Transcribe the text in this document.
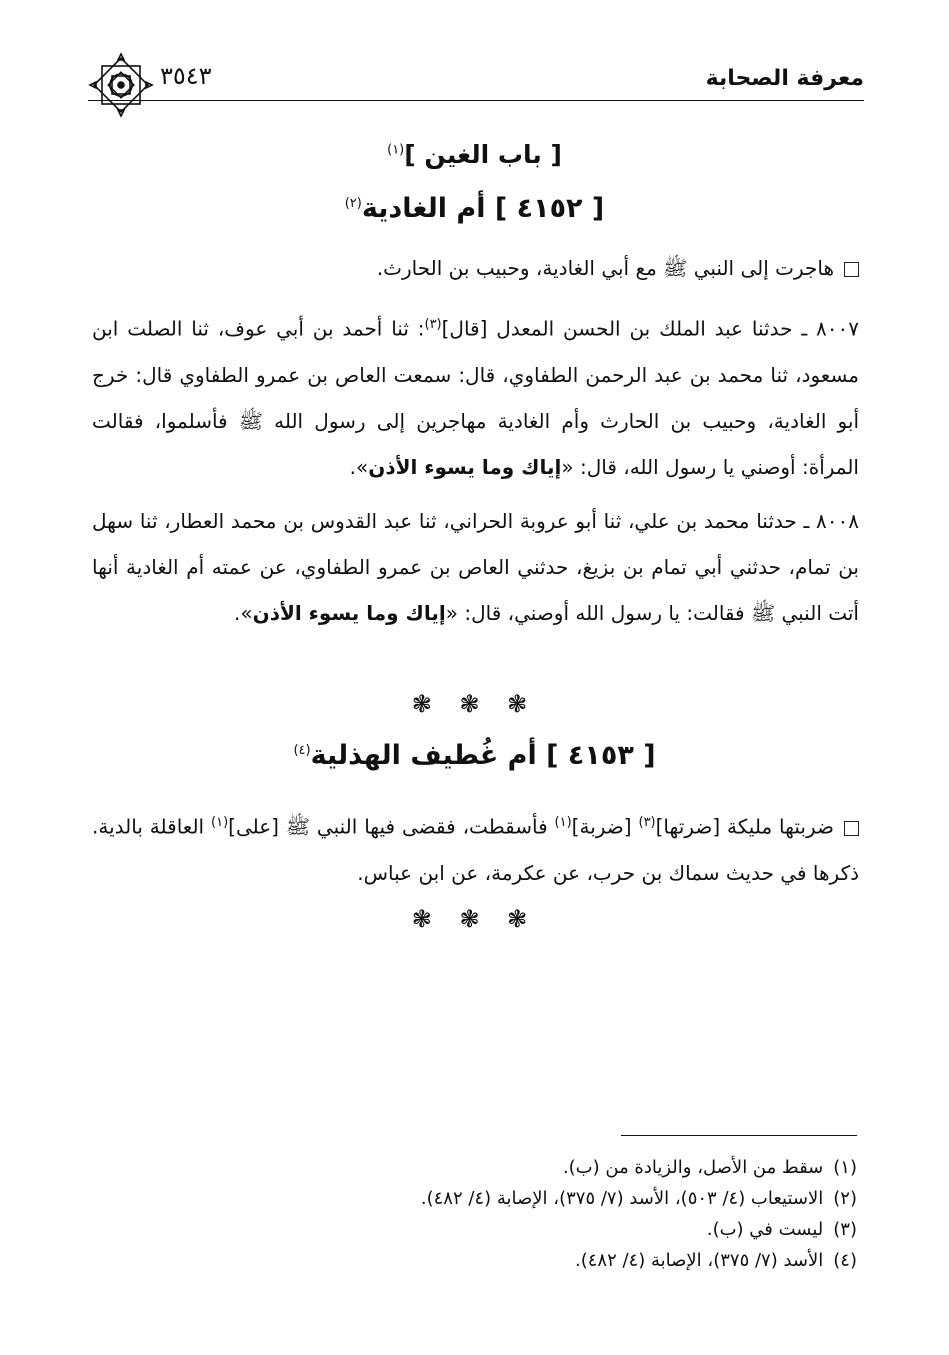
معرفة الصحابة
٣٥٤٣
[ باب الغين ]$^{(١)}$
[ ٤١٥٢ ] أم الغادية$^{(٢)}$
هاجرت إلى النبي ﷺ مع أبي الغادية، وحبيب بن الحارث.
٨٠٠٧ ـ حدثنا عبد الملك بن الحسن المعدل [قال]$^{(٣)}$: ثنا أحمد بن أبي عوف، ثنا الصلت ابن مسعود، ثنا محمد بن عبد الرحمن الطفاوي، قال: سمعت العاص بن عمرو الطفاوي قال: خرج أبو الغادية، وحبيب بن الحارث وأم الغادية مهاجرين إلى رسول الله ﷺ فأسلموا، فقالت المرأة: أوصني يا رسول الله، قال: «إياك وما يسوء الأذن».
٨٠٠٨ ـ حدثنا محمد بن علي، ثنا أبو عروبة الحراني، ثنا عبد القدوس بن محمد العطار، ثنا سهل بن تمام، حدثني أبي تمام بن بزيغ، حدثني العاص بن عمرو الطفاوي، عن عمته أم الغادية أنها أتت النبي ﷺ فقالت: يا رسول الله أوصني، قال: «إياك وما يسوء الأذن».
❃ ❃ ❃
[ ٤١٥٣ ] أم غُطيف الهذلية$^{(٤)}$
ضربتها مليكة [ضرتها]$^{(٣)}$ [ضربة]$^{(١)}$ فأسقطت، فقضى فيها النبي ﷺ [على]$^{(١)}$ العاقلة بالدية. ذكرها في حديث سماك بن حرب، عن عكرمة، عن ابن عباس.
❃ ❃ ❃
(١)سقط من الأصل، والزيادة من (ب).
(٢)الاستيعاب (٤/ ٥٠٣)، الأسد (٧/ ٣٧٥)، الإصابة (٤/ ٤٨٢).
(٣)ليست في (ب).
(٤)الأسد (٧/ ٣٧٥)، الإصابة (٤/ ٤٨٢).
